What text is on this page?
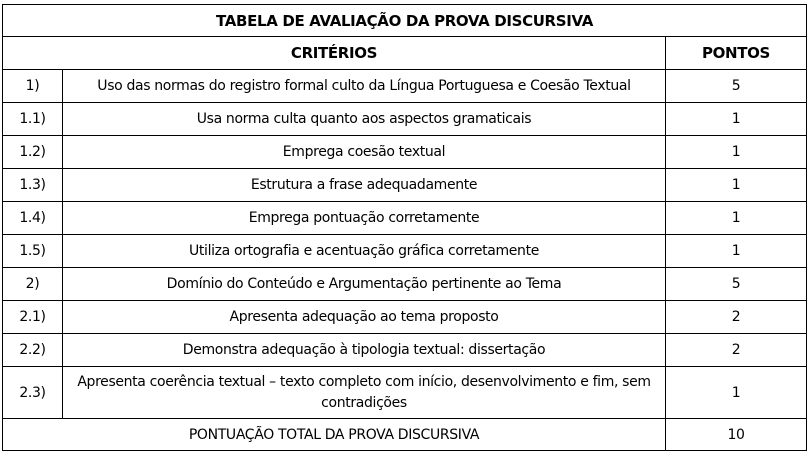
TABELA DE AVALIAÇÃO DA PROVA DISCURSIVA		
CRITÉRIOS		PONTOS
1)	Uso das normas do registro formal culto da Língua Portuguesa e Coesão Textual	5
1.1)	Usa norma culta quanto aos aspectos gramaticais	1
1.2)	Emprega coesão textual	1
1.3)	Estrutura a frase adequadamente	1
1.4)	Emprega pontuação corretamente	1
1.5)	Utiliza ortografia e acentuação gráfica corretamente	1
2)	Domínio do Conteúdo e Argumentação pertinente ao Tema	5
2.1)	Apresenta adequação ao tema proposto	2
2.2)	Demonstra adequação à tipologia textual: dissertação	2
2.3)	Apresenta coerência textual – texto completo com início, desenvolvimento e fim, sem contradições	1
PONTUAÇÃO TOTAL DA PROVA DISCURSIVA		10
